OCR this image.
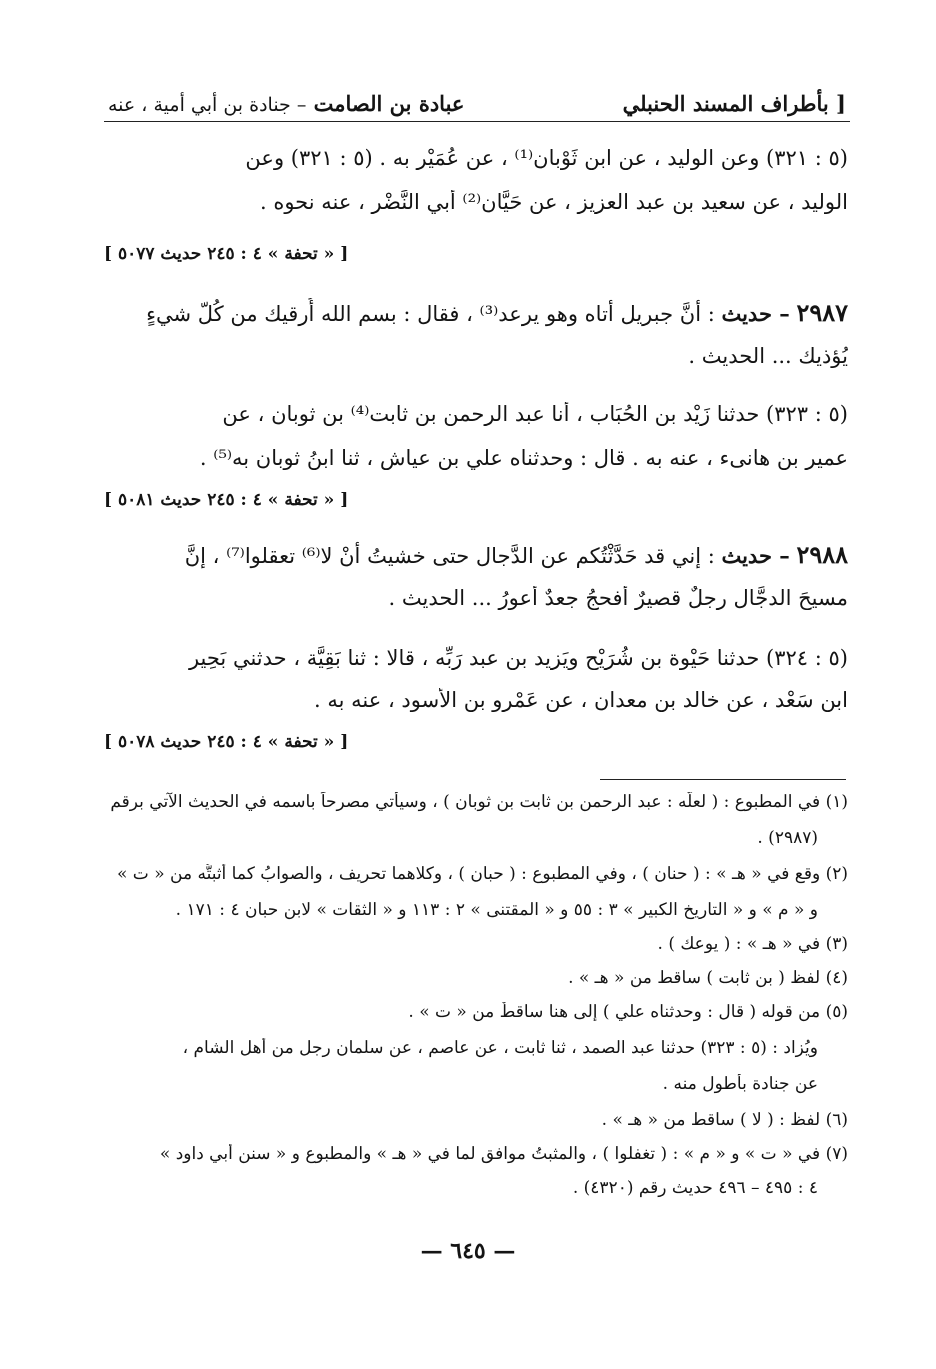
بأطراف المسند الحنبلي ]
عبادة بن الصامت – جنادة بن أبي أمية ، عنه
(٥ : ٣٢١) وعن الوليد ، عن ابن ثَوْبان⁽¹⁾ ، عن عُمَيْرٍ به . (٥ : ٣٢١) وعن
الوليد ، عن سعيد بن عبد العزيز ، عن حَيَّان⁽²⁾ أبي النَّضْر ، عنه نحوه .
[ « تحفة » ٤ : ٢٤٥ حديث ٥٠٧٧ ]
٢٩٨٧ – حديث : أنَّ جبريل أتاه وهو يرعد⁽³⁾ ، فقال : بسم الله أُرقيك من كُلّ شيءٍ
يُؤذيك ... الحديث .
(٥ : ٣٢٣) حدثنا زَيْد بن الحُبَاب ، أنا عبد الرحمن بن ثابت⁽⁴⁾ بن ثوبان ، عن
عمير بن هانىء ، عنه به . قال : وحدثناه علي بن عياش ، ثنا ابنُ ثوبان به⁽⁵⁾ .
[ « تحفة » ٤ : ٢٤٥ حديث ٥٠٨١ ]
٢٩٨٨ – حديث : إني قد حَدَّثْتُكم عن الدَّجال حتى خشيتُ أنْ لا⁽⁶⁾ تعقلوا⁽⁷⁾ ، إنَّ
مسيحَ الدجَّال رجلٌ قصيرٌ أفحجُ جعدٌ أعورُ ... الحديث .
(٥ : ٣٢٤) حدثنا حَيْوة بن شُرَيْح ويَزِيد بن عبد رَبِّه ، قالا : ثنا بَقِيَّة ، حدثني بَحِير
ابن سَعْد ، عن خالد بن معدان ، عن عَمْرو بن الأسود ، عنه به .
[ « تحفة » ٤ : ٢٤٥ حديث ٥٠٧٨ ]
(١) في المطبوع : ( لعلّه : عبد الرحمن بن ثابت بن ثوبان ) ، وسيأتي مصرحاً باسمه في الحديث الآتي برقم
(٢٩٨٧) .
(٢) وقع في « هـ » : ( حنان ) ، وفي المطبوع : ( حبان ) ، وكلاهما تحريف ، والصوابُ كما أثبتُّه من « ت »
و « م » و « التاريخ الكبير » ٣ : ٥٥ و « المقتنى » ٢ : ١١٣ و « الثقات » لابن حبان ٤ : ١٧١ .
(٣) في « هـ » : ( يوعك ) .
(٤) لفظ ( بن ثابت ) ساقط من « هـ » .
(٥) من قوله ( قال : وحدثناه علي ) إلى هنا ساقطٌ من « ت » .
ويُزاد : (٥ : ٣٢٣) حدثنا عبد الصمد ، ثنا ثابت ، عن عاصم ، عن سلمان رجل من أهل الشام ،
عن جنادة بأطول منه .
(٦) لفظ : ( لا ) ساقط من « هـ » .
(٧) في « ت » و « م » : ( تغفلوا ) ، والمثبتُ موافق لما في « هـ » والمطبوع و « سنن أبي داود »
٤ : ٤٩٥ – ٤٩٦ حديث رقم (٤٣٢٠) .
— ٦٤٥ —
